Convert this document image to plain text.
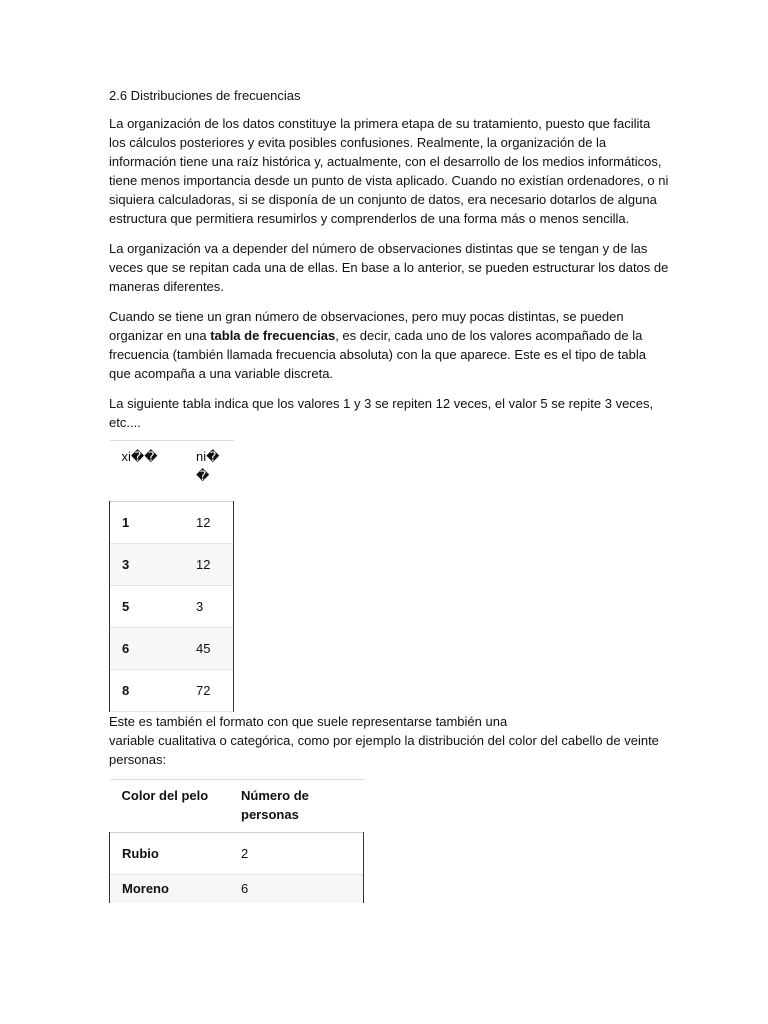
2.6 Distribuciones de frecuencias

La organización de los datos constituye la primera etapa de su tratamiento, puesto que facilita los cálculos posteriores y evita posibles confusiones. Realmente, la organización de la información tiene una raíz histórica y, actualmente, con el desarrollo de los medios informáticos, tiene menos importancia desde un punto de vista aplicado. Cuando no existían ordenadores, o ni siquiera calculadoras, si se disponía de un conjunto de datos, era necesario dotarlos de alguna estructura que permitiera resumirlos y comprenderlos de una forma más o menos sencilla.

La organización va a depender del número de observaciones distintas que se tengan y de las veces que se repitan cada una de ellas. En base a lo anterior, se pueden estructurar los datos de maneras diferentes.

Cuando se tiene un gran número de observaciones, pero muy pocas distintas, se pueden organizar en una tabla de frecuencias, es decir, cada uno de los valores acompañado de la frecuencia (también llamada frecuencia absoluta) con la que aparece. Este es el tipo de tabla que acompaña a una variable discreta.

La siguiente tabla indica que los valores 1 y 3 se repiten 12 veces, el valor 5 se repite 3 veces, etc....

xi�​�	ni�​�
1	12
3	12
5	3
6	45
8	72

Este es también el formato con que suele representarse también una
variable cualitativa o categórica, como por ejemplo la distribución del color del cabello de veinte personas:

Color del pelo	Número de personas
Rubio	2
Moreno	6
